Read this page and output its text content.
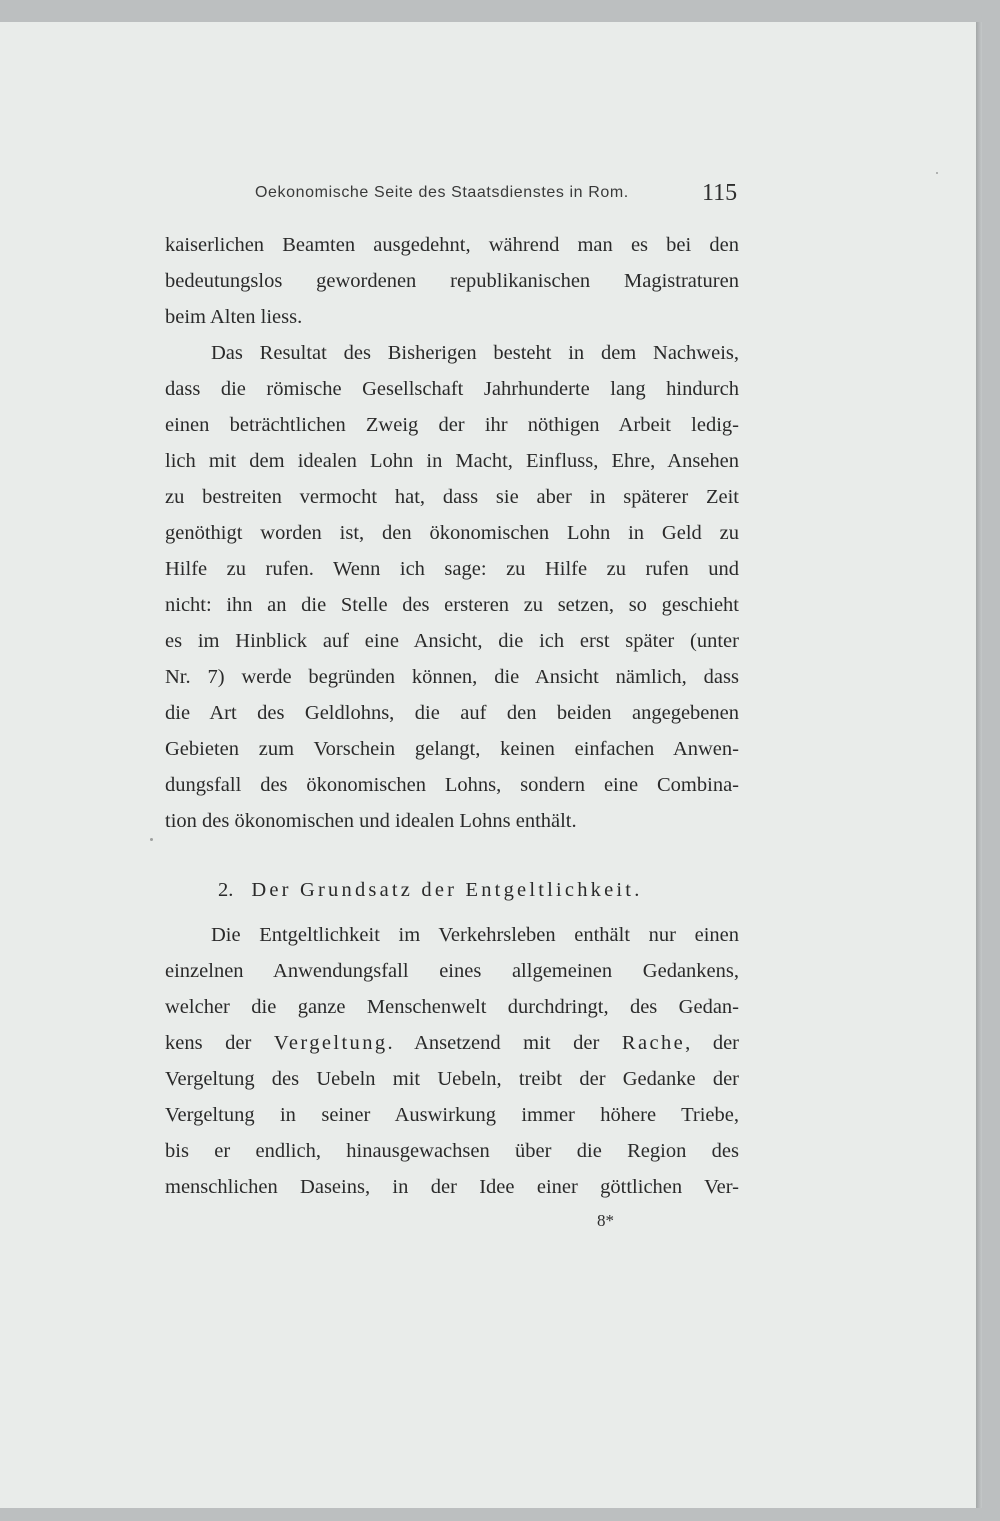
Oekonomische Seite des Staatsdienstes in Rom.	115
kaiserlichen Beamten ausgedehnt, während man es bei den
bedeutungslos gewordenen republikanischen Magistraturen
beim Alten liess.
Das Resultat des Bisherigen besteht in dem Nachweis,
dass die römische Gesellschaft Jahrhunderte lang hindurch
einen beträchtlichen Zweig der ihr nöthigen Arbeit ledig-
lich mit dem idealen Lohn in Macht, Einfluss, Ehre, Ansehen
zu bestreiten vermocht hat, dass sie aber in späterer Zeit
genöthigt worden ist, den ökonomischen Lohn in Geld zu
Hilfe zu rufen. Wenn ich sage: zu Hilfe zu rufen und
nicht: ihn an die Stelle des ersteren zu setzen, so geschieht
es im Hinblick auf eine Ansicht, die ich erst später (unter
Nr. 7) werde begründen können, die Ansicht nämlich, dass
die Art des Geldlohns, die auf den beiden angegebenen
Gebieten zum Vorschein gelangt, keinen einfachen Anwen-
dungsfall des ökonomischen Lohns, sondern eine Combina-
tion des ökonomischen und idealen Lohns enthält.
2. Der Grundsatz der Entgeltlichkeit.
Die Entgeltlichkeit im Verkehrsleben enthält nur einen
einzelnen Anwendungsfall eines allgemeinen Gedankens,
welcher die ganze Menschenwelt durchdringt, des Gedan-
kens der Vergeltung. Ansetzend mit der Rache, der
Vergeltung des Uebeln mit Uebeln, treibt der Gedanke der
Vergeltung in seiner Auswirkung immer höhere Triebe,
bis er endlich, hinausgewachsen über die Region des
menschlichen Daseins, in der Idee einer göttlichen Ver-
8*
